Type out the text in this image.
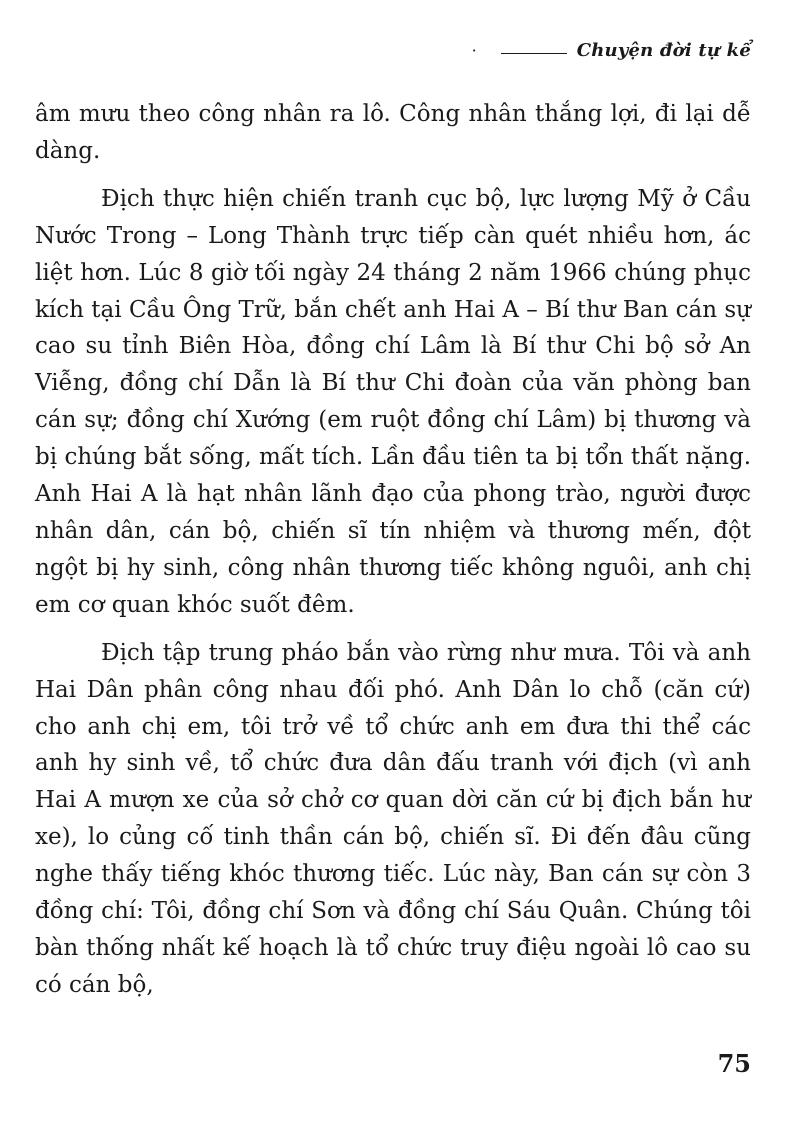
·	Chuyện đời tự kể

âm mưu theo công nhân ra lô. Công nhân thắng lợi, đi lại dễ dàng.

Địch thực hiện chiến tranh cục bộ, lực lượng Mỹ ở Cầu Nước Trong – Long Thành trực tiếp càn quét nhiều hơn, ác liệt hơn. Lúc 8 giờ tối ngày 24 tháng 2 năm 1966 chúng phục kích tại Cầu Ông Trữ, bắn chết anh Hai A – Bí thư Ban cán sự cao su tỉnh Biên Hòa, đồng chí Lâm là Bí thư Chi bộ sở An Viễng, đồng chí Dẫn là Bí thư Chi đoàn của văn phòng ban cán sự; đồng chí Xướng (em ruột đồng chí Lâm) bị thương và bị chúng bắt sống, mất tích. Lần đầu tiên ta bị tổn thất nặng. Anh Hai A là hạt nhân lãnh đạo của phong trào, người được nhân dân, cán bộ, chiến sĩ tín nhiệm và thương mến, đột ngột bị hy sinh, công nhân thương tiếc không nguôi, anh chị em cơ quan khóc suốt đêm.

Địch tập trung pháo bắn vào rừng như mưa. Tôi và anh Hai Dân phân công nhau đối phó. Anh Dân lo chỗ (căn cứ) cho anh chị em, tôi trở về tổ chức anh em đưa thi thể các anh hy sinh về, tổ chức đưa dân đấu tranh với địch (vì anh Hai A mượn xe của sở chở cơ quan dời căn cứ bị địch bắn hư xe), lo củng cố tinh thần cán bộ, chiến sĩ. Đi đến đâu cũng nghe thấy tiếng khóc thương tiếc. Lúc này, Ban cán sự còn 3 đồng chí: Tôi, đồng chí Sơn và đồng chí Sáu Quân. Chúng tôi bàn thống nhất kế hoạch là tổ chức truy điệu ngoài lô cao su có cán bộ,

75
